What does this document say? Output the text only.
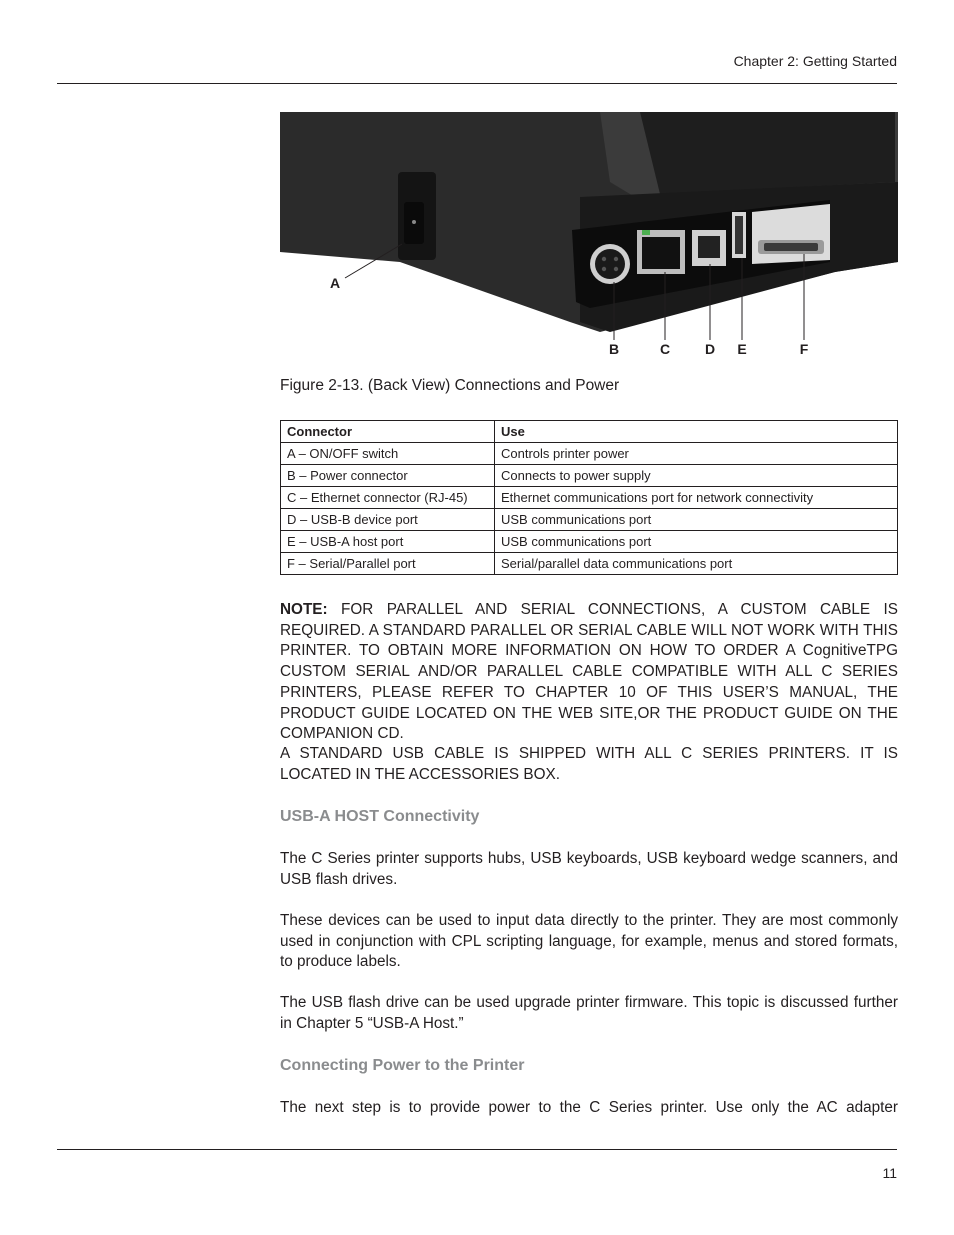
Chapter 2: Getting Started
A
B	C D E	F
Figure 2-13. (Back View) Connections and Power
Connector	Use
A – ON/OFF switch	Controls printer power
B – Power connector	Connects to power supply
C – Ethernet connector (RJ-45)	Ethernet communications port for network connectivity
D – USB-B device port	USB communications port
E – USB-A host port	USB communications port
F – Serial/Parallel port	Serial/parallel data communications port
NOTE: FOR PARALLEL AND SERIAL CONNECTIONS, A CUSTOM CABLE IS REQUIRED. A STANDARD PARALLEL OR SERIAL CABLE WILL NOT WORK WITH THIS PRINTER. TO OBTAIN MORE INFORMATION ON HOW TO ORDER A CognitiveTPG CUSTOM SERIAL AND/OR PARALLEL CABLE COMPATIBLE WITH ALL C SERIES PRINTERS, PLEASE REFER TO CHAPTER 10 OF THIS USER’S MANUAL, THE PRODUCT GUIDE LOCATED ON THE WEB SITE,OR THE PRODUCT GUIDE ON THE COMPANION CD.
A STANDARD USB CABLE IS SHIPPED WITH ALL C SERIES PRINTERS. IT IS LOCATED IN THE ACCESSORIES BOX.
USB-A HOST Connectivity
The C Series printer supports hubs, USB keyboards, USB keyboard wedge scanners, and USB flash drives.
These devices can be used to input data directly to the printer. They are most commonly used in conjunction with CPL scripting language, for example, menus and stored formats, to produce labels.
The USB flash drive can be used upgrade printer firmware. This topic is discussed further in Chapter 5 “USB-A Host.”
Connecting Power to the Printer
The next step is to provide power to the C Series printer. Use only the AC adapter
11
